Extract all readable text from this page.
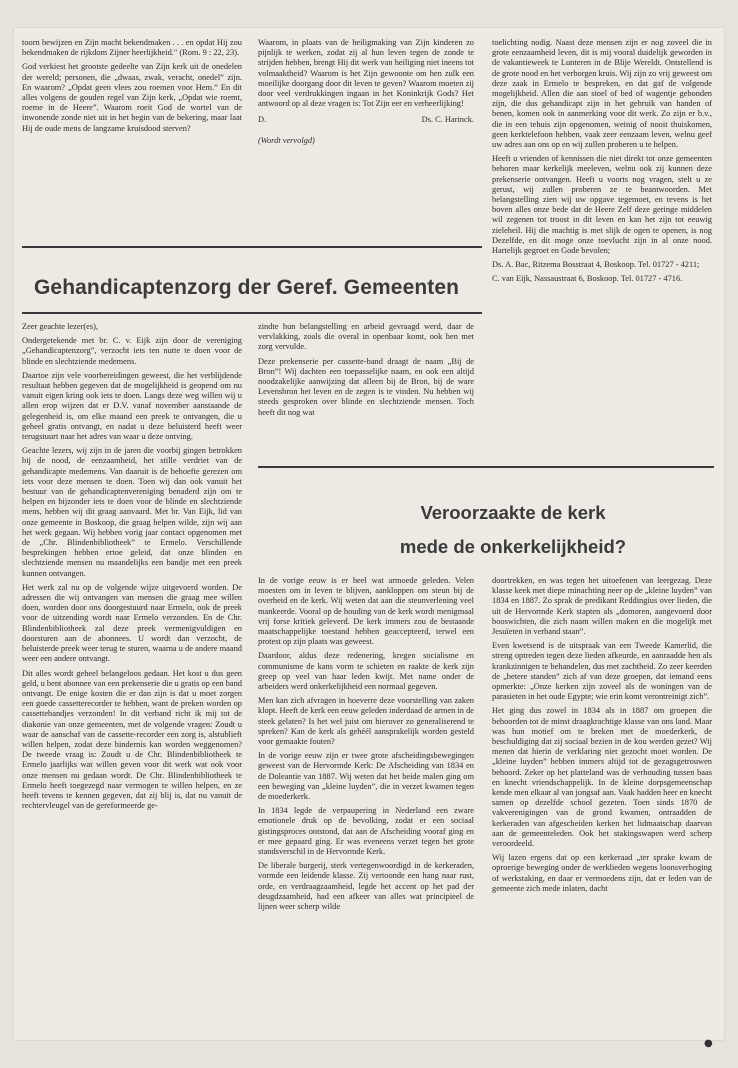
toorn bewijzen en Zijn macht bekendmaken . . . en opdat Hij zou bekendmaken de rijkdom Zijner heerlijkheid." (Rom. 9 : 22, 23).

God verkiest het grootste gedeelte van Zijn kerk uit de onedelen der wereld; personen, die „dwaas, zwak, veracht, onedel” zijn. En waarom? „Opdat geen vlees zou roemen voor Hem.” En dit alles volgens de gouden regel van Zijn kerk, „Opdat wie roemt, roeme in de Heere”. Waarom roeit God de wortel van de inwonende zonde niet uit in het begin van de bekering, maar laat Hij de oude mens de langzame kruisdood sterven?

Waarom, in plaats van de heiligmaking van Zijn kinderen zo pijnlijk te werken, zodat zij al hun leven tegen de zonde te strijden hebben, brengt Hij dit werk van heiliging niet ineens tot volmaaktheid? Waarom is het Zijn gewoonte om hen zulk een moeilijke doorgang door dit leven te geven? Waarom moeten zij door veel verdrukkingen ingaan in het Koninkrijk Gods? Het antwoord op al deze vragen is: Tot Zijn eer en verheerlijking!

D.	Ds. C. Harinck.
(Wordt vervolgd)
Gehandicaptenzorg der Geref. Gemeenten

Zeer geachte lezer(es),

Ondergetekende met br. C. v. Eijk zijn door de vereniging „Gehandicaptenzorg”, verzocht iets ten nutte te doen voor de blinde en slechtziende medemens.

Daartoe zijn vele voorbereidingen geweest, die het verblijdende resultaat hebben gegeven dat de mogelijkheid is geopend om nu vanuit eigen kring ook iets te doen. Langs deze weg willen wij u allen erop wijzen dat er D.V. vanaf november aanstaande de gelegenheid is, om elke maand een preek te ontvangen, die u geheel gratis ontvangt, en nadat u deze beluisterd heeft weer terugstuurt naar het adres van waar u deze ontving.

Geachte lezers, wij zijn in de jaren die voorbij gingen betrokken bij de nood, de eenzaamheid, het stille verdriet van de gehandicapte medemens. Van daaruit is de behoefte gerezen om iets voor deze mensen te doen. Toen wij dan ook vanuit het bestuur van de gehandicaptenvereniging benaderd zijn om te helpen en bijzonder iets te doen voor de blinde en slechtziende mens, hebben wij dit graag aanvaard. Met br. Van Eijk, lid van onze gemeente in Boskoop, die graag helpen wilde, zijn wij aan het werk gegaan. Wij hebben vorig jaar contact opgenomen met de „Chr. Blindenbibliotheek” te Ermelo. Verschillende besprekingen hebben ertoe geleid, dat onze blinden en slechtziende mensen nu maandelijks een bandje met een preek kunnen ontvangen.

Het werk zal nu op de volgende wijze uitgevoerd worden. De adressen die wij ontvangen van mensen die graag mee willen doen, worden door ons doorgestuurd naar Ermelo, ook de preek voor de uitzending wordt naar Ermelo verzonden. En de Chr. Blindenbibliotheek zal deze preek vermenigvuldigen en doorsturen aan de abonnees. U wordt dan verzocht, de beluisterde preek weer terug te sturen, waarna u de andere maand weer een andere ontvangt.

Dit alles wordt geheel belangeloos gedaan. Het kost u dus geen geld, u bent abonnee van een prekenserie die u gratis op een band ontvangt. De enige kosten die er dan zijn is dat u moet zorgen een goede cassetterecorder te hebben, want de preken worden op cassettebandjes verzonden! In dit verband richt ik mij tot de diakonie van onze gemeenten, met de volgende vragen: Zoudt u waar de aanschaf van de cassette-recorder een zorg is, alstublieft willen helpen, zodat deze hindernis kan worden weggenomen? De tweede vraag is: Zoudt u de Chr. Blindenbibliotheek te Ermelo jaarlijks wat willen geven voor dit werk wat ook voor onze mensen nu gedaan wordt. De Chr. Blindenbibliotheek te Ermelo heeft toegezegd naar vermogen te willen helpen, en ze heeft tevens te kennen gegeven, dat zij blij is, dat nu vanuit de rechtervleugel van de gereformeerde ge-

zindte hun belangstelling en arbeid gevraagd werd, daar de vervlakking, zoals die overal in openbaar komt, ook hen met zorg vervulde.

Deze prekenserie per cassette-band draagt de naam „Bij de Bron”! Wij dachten een toepasselijke naam, en ook een altijd noodzakelijke aanwijzing dat alleen bij de Bron, bij de ware Levensbron het leven en de zegen is te vinden. Nu hebben wij steeds gesproken over blinde en slechtziende mensen. Toch heeft dit nog wat

toelichting nodig. Naast deze mensen zijn er nog zoveel die in grote eenzaamheid leven, dit is mij vooral duidelijk geworden in de vakantieweek te Lunteren in de Blije Wereldt. Ontstellend is de grote nood en het verborgen kruis. Wij zijn zo vrij geweest om deze zaak in Ermelo te bespreken, en dat gaf de volgende mogelijkheid. Allen die aan stoel of bed of wagentje gebonden zijn, die dus gehandicapt zijn in het gebruik van handen of benen, komen ook in aanmerking voor dit werk. Zo zijn er b.v., die in een tehuis zijn opgenomen, weinig of nooit thuiskomen, geen kerktelefoon hebben, vaak zeer eenzaam leven, welnu geef uw adres aan ons op en wij zullen proberen u te helpen.

Heeft u vrienden of kennissen die niet direkt tot onze gemeenten behoren maar kerkelijk meeleven, welnu ook zij kunnen deze prekenserie ontvangen. Heeft u voorts nog vragen, stelt u ze gerust, wij zullen proberen ze te beantwoorden. Met belangstelling zien wij uw opgave tegemoet, en tevens is het boven alles onze bede dat de Heere Zelf deze geringe middelen wil zegenen tot troost in dit leven en kan het zijn tot eeuwig zieleheil. Hij die machtig is met slijk de ogen te openen, is nog Dezelfde, en dit moge onze toevlucht zijn in al onze nood. Hartelijk gegroet en Gode bevolen;

Ds. A. Bac, Ritzema Bosstraat 4, Boskoop. Tel. 01727 - 4211;

C. van Eijk, Nassaustraat 6, Boskoop. Tel. 01727 - 4716.

Veroorzaakte de kerk
mede de onkerkelijkheid?

In de vorige eeuw is er heel wat armoede geleden. Velen moesten om in leven te blijven, aankloppen om steun bij de overheid en de kerk. Wij weten dat aan die steunverlening veel mankeerde. Vooral op de houding van de kerk wordt menigmaal vrij forse kritiek geleverd. De kerk immers zou de bestaande maatschappelijke toestand hebben geaccepteerd, terwel een protest op zijn plaats was geweest.

Daardoor, aldus deze redenering, kregen socialisme en communisme de kans vorm te schieten en raakte de kerk zijn greep op veel van haar leden kwijt. Met name onder de arbeiders werd onkerkelijkheid een normaal gegeven.

Men kan zich afvragen in hoeverre deze voorstelling van zaken klopt. Heeft de kerk een eeuw geleden inderdaad de armen in de steek gelaten? Is het wel juist om hierover zo generaliserend te spreken? Kan de kerk als gehéél aansprakelijk worden gesteld voor gemaakte fouten?

In de vorige eeuw zijn er twee grote afscheidingsbewegingen geweest van de Hervormde Kerk: De Afscheiding van 1834 en de Doleantie van 1887. Wij weten dat het beide malen ging om een beweging van „kleine luyden”, die in verzet kwamen tegen de moederkerk.

In 1834 legde de verpaupering in Nederland een zware emotionele druk op de bevolking, zodat er een sociaal gistingsproces ontstond, dat aan de Afscheiding vooraf ging en er mee gepaard ging. Er was eveneens verzet tegen het grote standsverschil in de Hervormde Kerk.

De liberale burgerij, sterk vertegenwoordigd in de kerkeraden, vormde een leidende klasse. Zij vertoonde een hang naar rust, orde, en verdraagzaamheid, legde het accent op het pad der deugdzaamheid, had een afkeer van alles wat principieel de lijnen weer scherp wilde

doortrekken, en was tegen het uitoefenen van leergezag. Deze klasse keek met diepe minachting neer op de „kleine luyden” van 1834 en 1887. Zo sprak de predikant Reddingius over lieden, die uit de Hervormde Kerk stapten als „domoren, aangevoerd door booswichten, die zich naam willen maken en die mogelijk met Jesuïeten in verband staan”.

Even kwetsend is de uitspraak van een Tweede Kamerlid, die streng optreden tegen deze lieden afkeurde, en aanraadde hen als krankzinnigen te behandelen, dus met zachtheid. Zo zeer keerden de „betere standen” zich af van deze groepen, dat iemand eens opmerkte: „Onze kerken zijn zoveel als de woningen van de parasieten in het oude Egypte; wie erin komt verontreinigt zich”.

Het ging dus zowel in 1834 als in 1887 om groepen die behoorden tot de minst draagkrachtige klasse van ons land. Maar was hun motief om te breken met de moederkerk, de beschuldiging dat zij sociaal bezien in de kou werden gezet? Wij menen dat hierin de verklaring niet gezocht moet worden. De „kleine luyden” hebben immers altijd tot de gezagsgetrouwen behoord. Zeker op het platteland was de verhouding tussen baas en knecht vriendschappelijk. In de kleine dorpsgemeenschap kende men elkaar al van jongsaf aan. Vaak hadden heer en knecht samen op dezelfde school gezeten. Toen sinds 1870 de vakverenigingen van de grond kwamen, ontraadden de kerkeraden van afgescheiden kerken het lidmaatschap daarvan aan de gemeenteleden. Ook het stakingswapen werd scherp veroordeeld.

Wij lazen ergens dat op een kerkeraad „ter sprake kwam de oproerige beweging onder de werklieden wegens loonsverhoging of werkstaking, en daar er vermoedens zijn, dat er leden van de gemeente zich mede inlaten, dacht

●
